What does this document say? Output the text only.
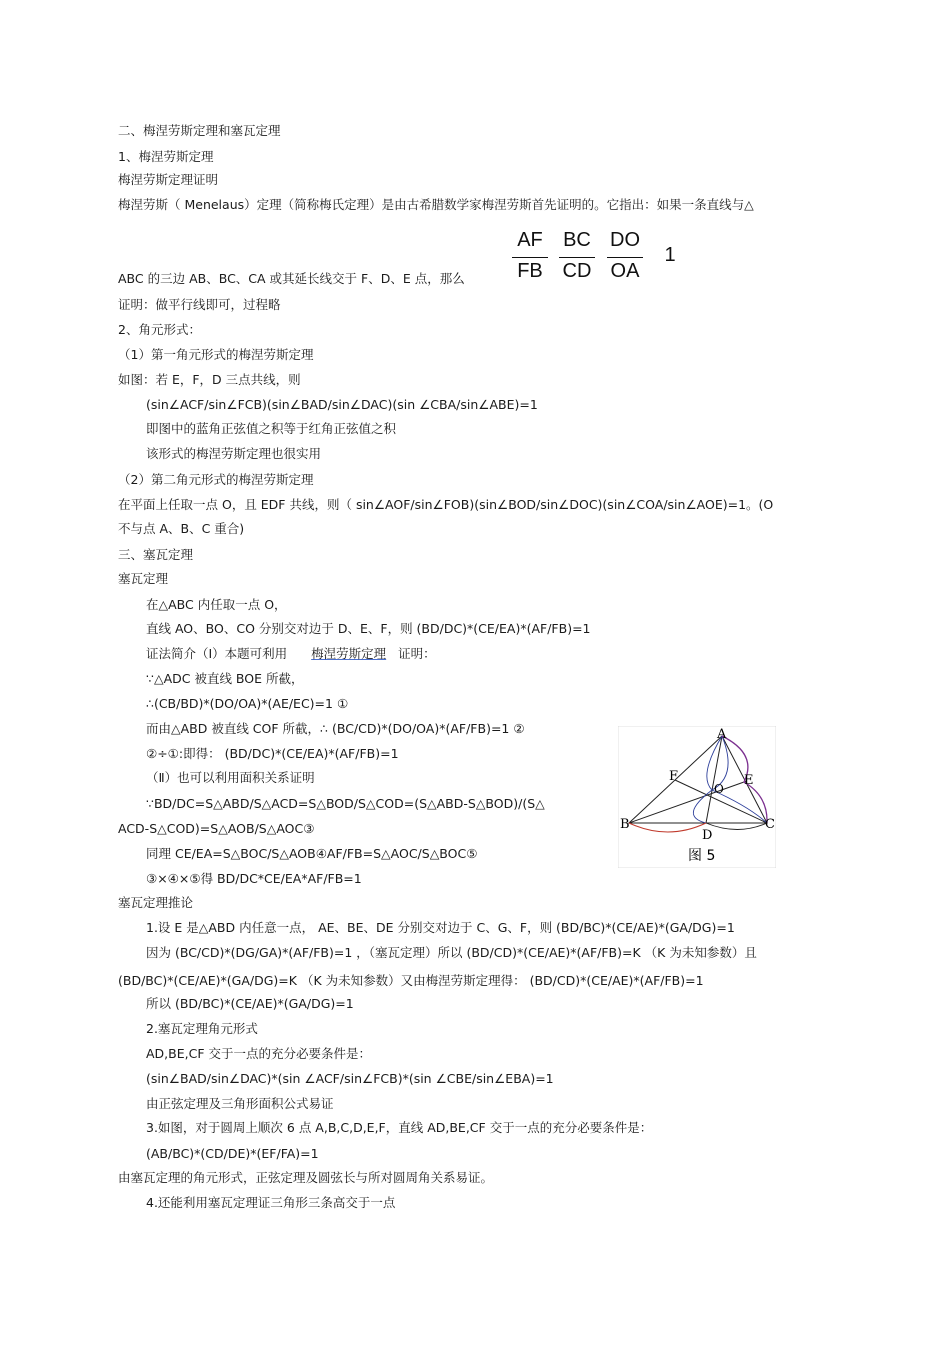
二、梅涅劳斯定理和塞瓦定理
1、梅涅劳斯定理
梅涅劳斯定理证明
梅涅劳斯（ Menelaus）定理（简称梅氏定理）是由古希腊数学家梅涅劳斯首先证明的。它指出：如果一条直线与△
AF
FB
BC
CD
DO
OA
1
ABC 的三边 AB、BC、CA 或其延长线交于 F、D、E 点，那么
证明：做平行线即可，过程略
2、角元形式：
（1）第一角元形式的梅涅劳斯定理
如图：若 E，F，D 三点共线，则
(sin∠ACF/sin∠FCB)(sin∠BAD/sin∠DAC)(sin ∠CBA/sin∠ABE)=1
即图中的蓝角正弦值之积等于红角正弦值之积
该形式的梅涅劳斯定理也很实用
（2）第二角元形式的梅涅劳斯定理
在平面上任取一点 O，且 EDF 共线，则（ sin∠AOF/sin∠FOB)(sin∠BOD/sin∠DOC)(sin∠COA/sin∠AOE)=1。(O
不与点 A、B、C 重合)
三、塞瓦定理
塞瓦定理
在△ABC 内任取一点 O，
直线 AO、BO、CO 分别交对边于 D、E、F，则 (BD/DC)*(CE/EA)*(AF/FB)=1
证法简介（Ⅰ）本题可利用 梅涅劳斯定理 证明：
∵△ADC 被直线 BOE 所截，
∴(CB/BD)*(DO/OA)*(AE/EC)=1 ①
而由△ABD 被直线 COF 所截，∴ (BC/CD)*(DO/OA)*(AF/FB)=1 ②
②÷①:即得： (BD/DC)*(CE/EA)*(AF/FB)=1
（Ⅱ）也可以利用面积关系证明
∵BD/DC=S△ABD/S△ACD=S△BOD/S△COD=(S△ABD-S△BOD)/(S△
ACD-S△COD)=S△AOB/S△AOC③
同理 CE/EA=S△BOC/S△AOB④AF/FB=S△AOC/S△BOC⑤
③×④×⑤得 BD/DC*CE/EA*AF/FB=1
塞瓦定理推论
1.设 E 是△ABD 内任意一点， AE、BE、DE 分别交对边于 C、G、F，则 (BD/BC)*(CE/AE)*(GA/DG)=1
因为 (BC/CD)*(DG/GA)*(AF/FB)=1 ，（塞瓦定理）所以 (BD/CD)*(CE/AE)*(AF/FB)=K （K 为未知参数）且
(BD/BC)*(CE/AE)*(GA/DG)=K （K 为未知参数）又由梅涅劳斯定理得： (BD/CD)*(CE/AE)*(AF/FB)=1
所以 (BD/BC)*(CE/AE)*(GA/DG)=1
2.塞瓦定理角元形式
AD,BE,CF 交于一点的充分必要条件是：
(sin∠BAD/sin∠DAC)*(sin ∠ACF/sin∠FCB)*(sin ∠CBE/sin∠EBA)=1
由正弦定理及三角形面积公式易证
3.如图，对于圆周上顺次 6 点 A,B,C,D,E,F，直线 AD,BE,CF 交于一点的充分必要条件是：
(AB/BC)*(CD/DE)*(EF/FA)=1
由塞瓦定理的角元形式，正弦定理及圆弦长与所对圆周角关系易证。
4.还能利用塞瓦定理证三角形三条高交于一点
A
B	C
D
E
F
O
图 5
